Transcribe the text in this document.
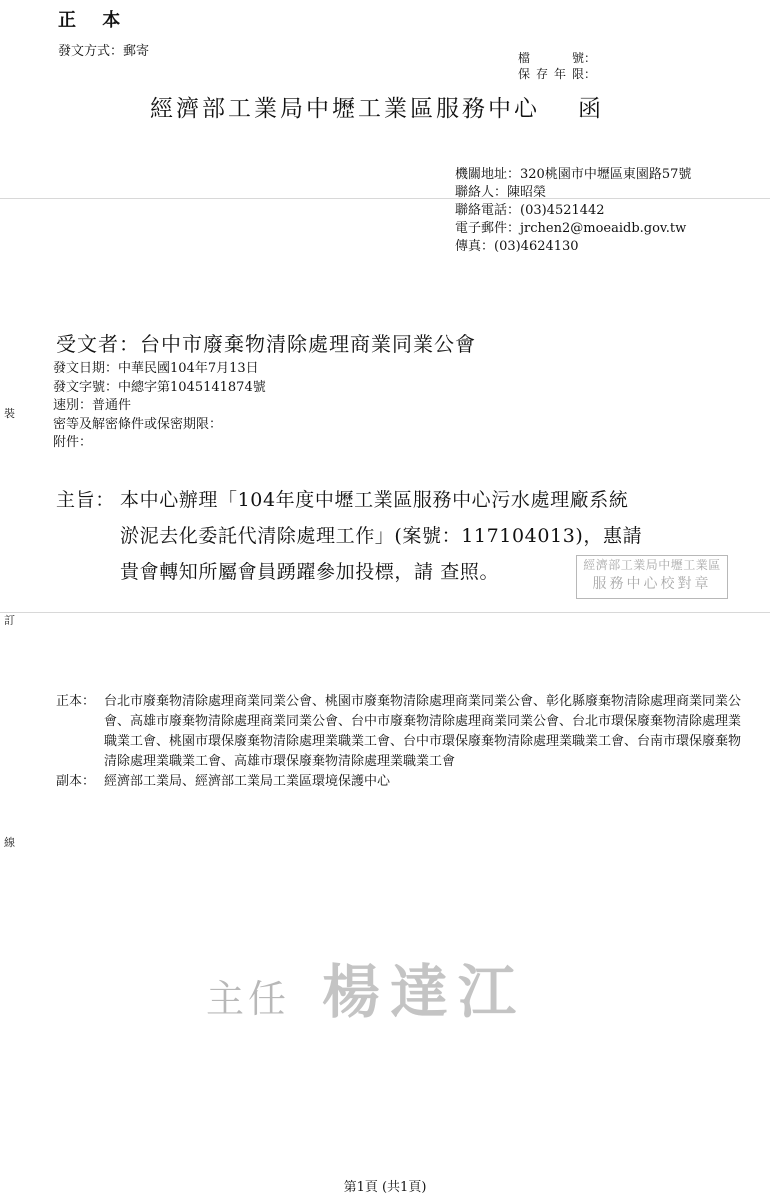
正 本
發文方式：郵寄	檔　號：
保存年限：
經濟部工業局中壢工業區服務中心 函
機關地址：320桃園市中壢區東園路57號
聯絡人：陳昭榮
聯絡電話：(03)4521442
電子郵件：jrchen2@moeaidb.gov.tw
傳真：(03)4624130
受文者：台中市廢棄物清除處理商業同業公會
發文日期：中華民國104年7月13日
發文字號：中總字第1045141874號
速別：普通件
密等及解密條件或保密期限：
附件：
裝
訂
線
主旨： 本中心辦理「104年度中壢工業區服務中心污水處理廠系統
淤泥去化委託代清除處理工作」(案號：117104013)，惠請
貴會轉知所屬會員踴躍參加投標，請 查照。	經濟部工業局中壢工業區
服務中心校對章
正本： 台北市廢棄物清除處理商業同業公會、桃園市廢棄物清除處理商業同業公會、彰化縣廢棄物清除處理商業同業公會、高雄市廢棄物清除處理商業同業公會、台中市廢棄物清除處理商業同業公會、台北市環保廢棄物清除處理業職業工會、桃園市環保廢棄物清除處理業職業工會、台中市環保廢棄物清除處理業職業工會、台南市環保廢棄物清除處理業職業工會、高雄市環保廢棄物清除處理業職業工會
副本： 經濟部工業局、經濟部工業局工業區環境保護中心
主任 楊達江
第1頁 (共1頁)
